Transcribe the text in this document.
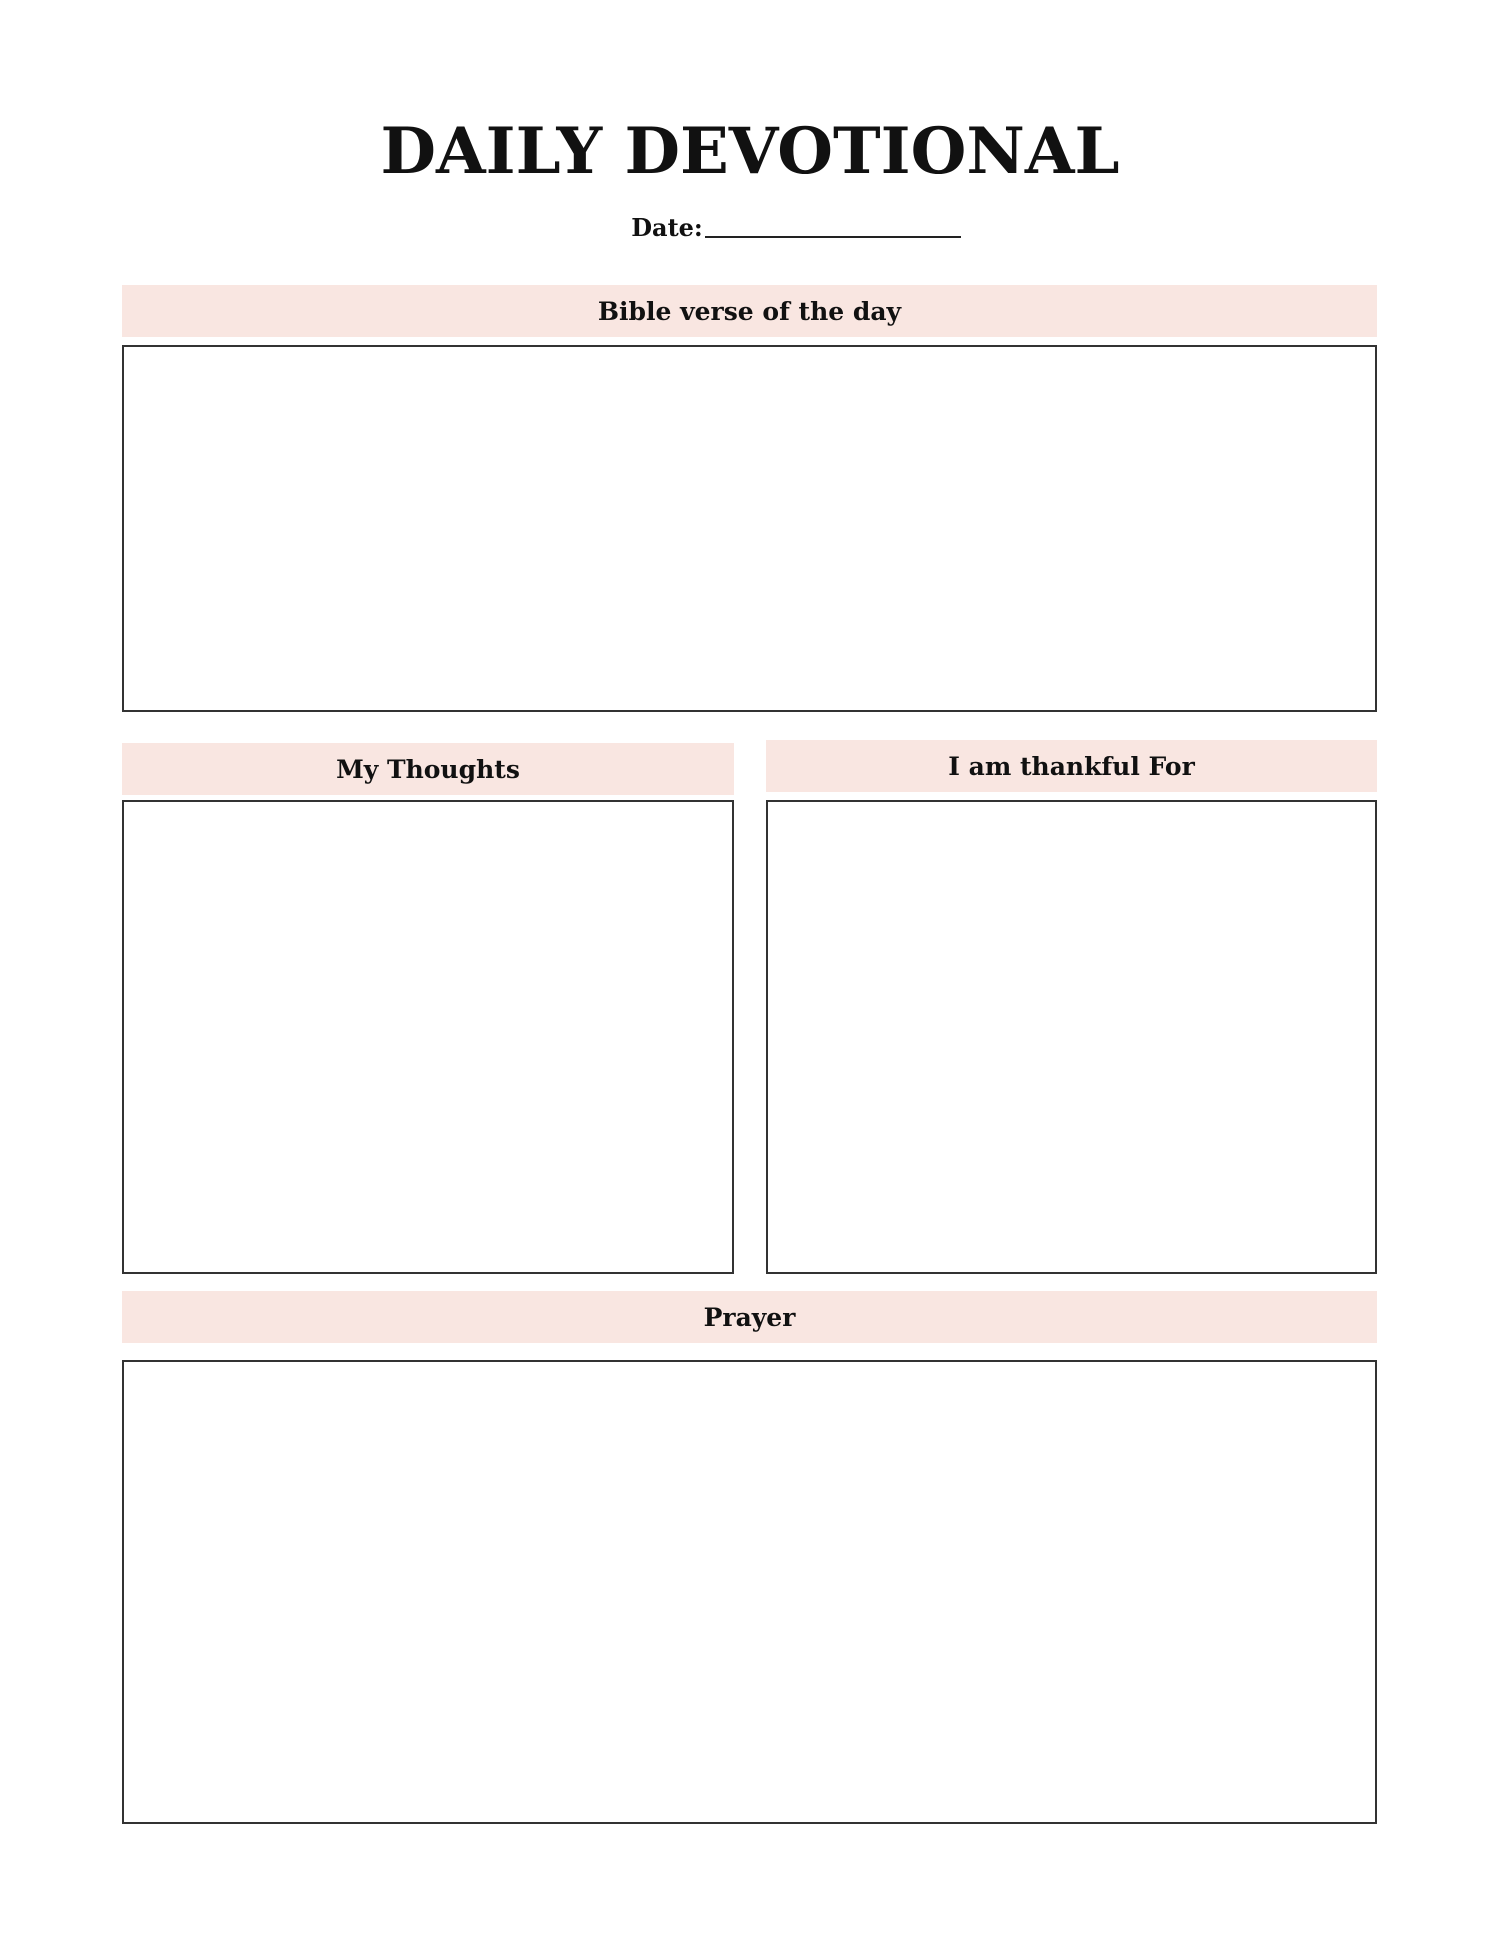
DAILY DEVOTIONAL
Date:
Bible verse of the day
My Thoughts	I am thankful For
Prayer
